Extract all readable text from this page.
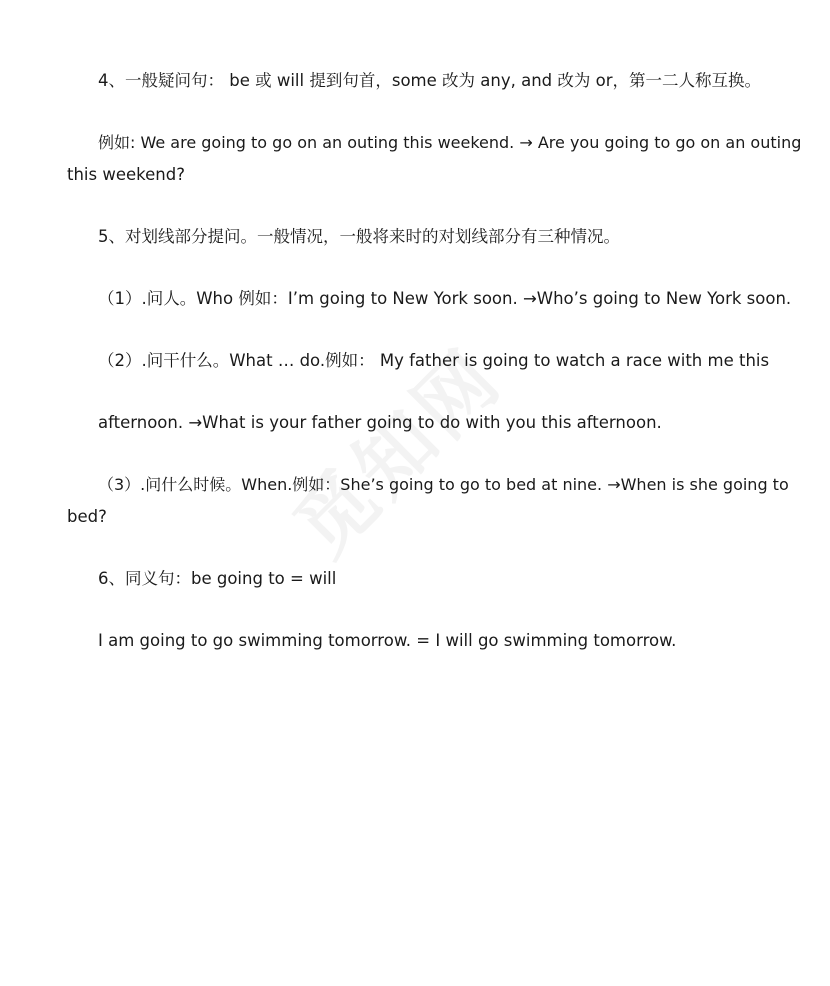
4、一般疑问句： be 或 will 提到句首，some 改为 any, and 改为 or，第一二人称互换。
例如: We are going to go on an outing this weekend. → Are you going to go on an outing
this weekend?
5、对划线部分提问。一般情况，一般将来时的对划线部分有三种情况。
（1）.问人。Who 例如：I’m going to New York soon. →Who’s going to New York soon.
（2）.问干什么。What … do.例如： My father is going to watch a race with me this
afternoon. →What is your father going to do with you this afternoon.
（3）.问什么时候。When.例如：She’s going to go to bed at nine. →When is she going to
bed?
6、同义句：be going to = will
I am going to go swimming tomorrow. = I will go swimming tomorrow.
